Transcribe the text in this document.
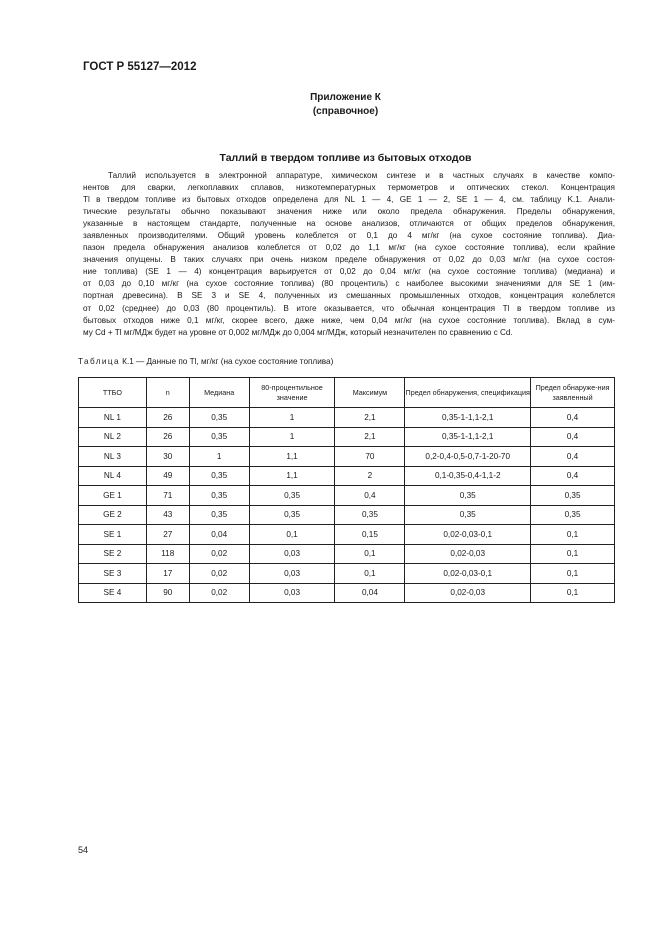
ГОСТ Р 55127—2012
Приложение К
(справочное)
Таллий в твердом топливе из бытовых отходов
Таллий используется в электронной аппаратуре, химическом синтезе и в частных случаях в качестве компо-
нентов для сварки, легкоплавких сплавов, низкотемпературных термометров и оптических стекол. Концентрация
Tl в твердом топливе из бытовых отходов определена для NL 1 — 4, GE 1 — 2, SE 1 — 4, см. таблицу K.1. Анали-
тические результаты обычно показывают значения ниже или около предела обнаружения. Пределы обнаружения,
указанные в настоящем стандарте, полученные на основе анализов, отличаются от общих пределов обнаружения,
заявленных производителями. Общий уровень колеблется от 0,1 до 4 мг/кг (на сухое состояние топлива). Диа-
пазон предела обнаружения анализов колеблется от 0,02 до 1,1 мг/кг (на сухое состояние топлива), если крайние
значения опущены. В таких случаях при очень низком пределе обнаружения от 0,02 до 0,03 мг/кг (на сухое состоя-
ние топлива) (SE 1 — 4) концентрация варьируется от 0,02 до 0,04 мг/кг (на сухое состояние топлива) (медиана) и
от 0,03 до 0,10 мг/кг (на сухое состояние топлива) (80 процентиль) с наиболее высокими значениями для SE 1 (им-
портная древесина). В SE 3 и SE 4, полученных из смешанных промышленных отходов, концентрация колеблется
от 0,02 (среднее) до 0,03 (80 процентиль). В итоге оказывается, что обычная концентрация Tl в твердом топливе из
бытовых отходов ниже 0,1 мг/кг, скорее всего, даже ниже, чем 0,04 мг/кг (на сухое состояние топлива). Вклад в сум-
му Cd + Tl мг/МДж будет на уровне от 0,002 мг/МДж до 0,004 мг/МДж, который незначителен по сравнению с Cd.
Таблица К.1 — Данные по Tl, мг/кг (на сухое состояние топлива)
ТТБО	n	Медиана	80-процентильное значение	Максимум	Предел обнаружения, спецификация	Предел обнаруже-ния заявленный
NL 1	26	0,35	1	2,1	0,35-1-1,1-2,1	0,4
NL 2	26	0,35	1	2,1	0,35-1-1,1-2,1	0,4
NL 3	30	1	1,1	70	0,2-0,4-0,5-0,7-1-20-70	0,4
NL 4	49	0,35	1,1	2	0,1-0,35-0,4-1,1-2	0,4
GE 1	71	0,35	0,35	0,4	0,35	0,35
GE 2	43	0,35	0,35	0,35	0,35	0,35
SE 1	27	0,04	0,1	0,15	0,02-0,03-0,1	0,1
SE 2	118	0,02	0,03	0,1	0,02-0,03	0,1
SE 3	17	0,02	0,03	0,1	0,02-0,03-0,1	0,1
SE 4	90	0,02	0,03	0,04	0,02-0,03	0,1
54
